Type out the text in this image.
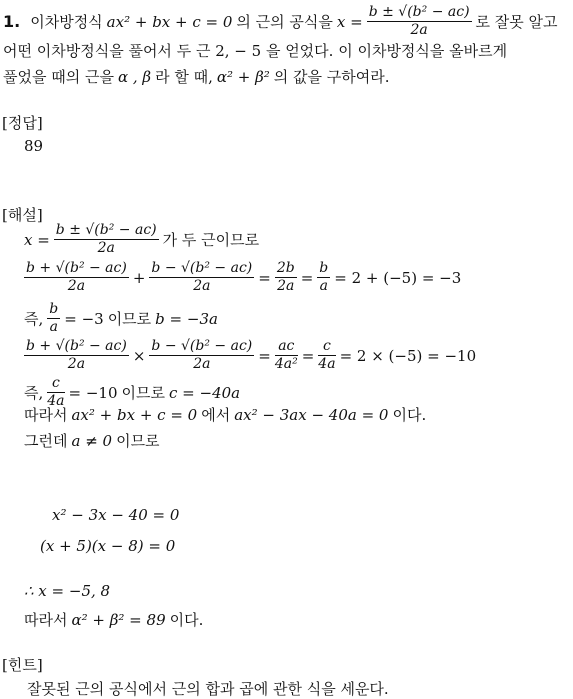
1. 이차방정식 ax² + bx + c = 0 의 근의 공식을 $x = \frac{\text{b ± √(b² − ac)}}{2a}$ 로 잘못 알고
어떤 이차방정식을 풀어서 두 근 2, − 5 을 얻었다. 이 이차방정식을 올바르게
풀었을 때의 근을 α , β 라 할 때, α² + β² 의 값을 구하여라.
[정답]
89
[해설]
$x = \frac{\text{b ± √(b² − ac)}}{2a}$ 가 두 근이므로
$\frac{\text{b + √(b² − ac)}}{2a} + \frac{\text{b − √(b² − ac)}}{2a} = \frac{2b}{2a} = \frac{b}{a} = 2 + (-5) = -3$
즉, $\frac{b}{a} = -3$ 이므로 b = −3a
$\frac{\text{b + √(b² − ac)}}{2a} \times \frac{\text{b − √(b² − ac)}}{2a} = \frac{ac}{\text{4a²}} = \frac{c}{4a} = 2 \times (-5) = -10$
즉, $\frac{c}{4a} = -10$ 이므로 c = −40a
따라서 ax² + bx + c = 0 에서 ax² − 3ax − 40a = 0 이다.
그런데 a ≠ 0 이므로
x² − 3x − 40 = 0
(x + 5)(x − 8) = 0
∴ x = −5, 8
따라서 α² + β² = 89 이다.
[힌트]
잘못된 근의 공식에서 근의 합과 곱에 관한 식을 세운다.
